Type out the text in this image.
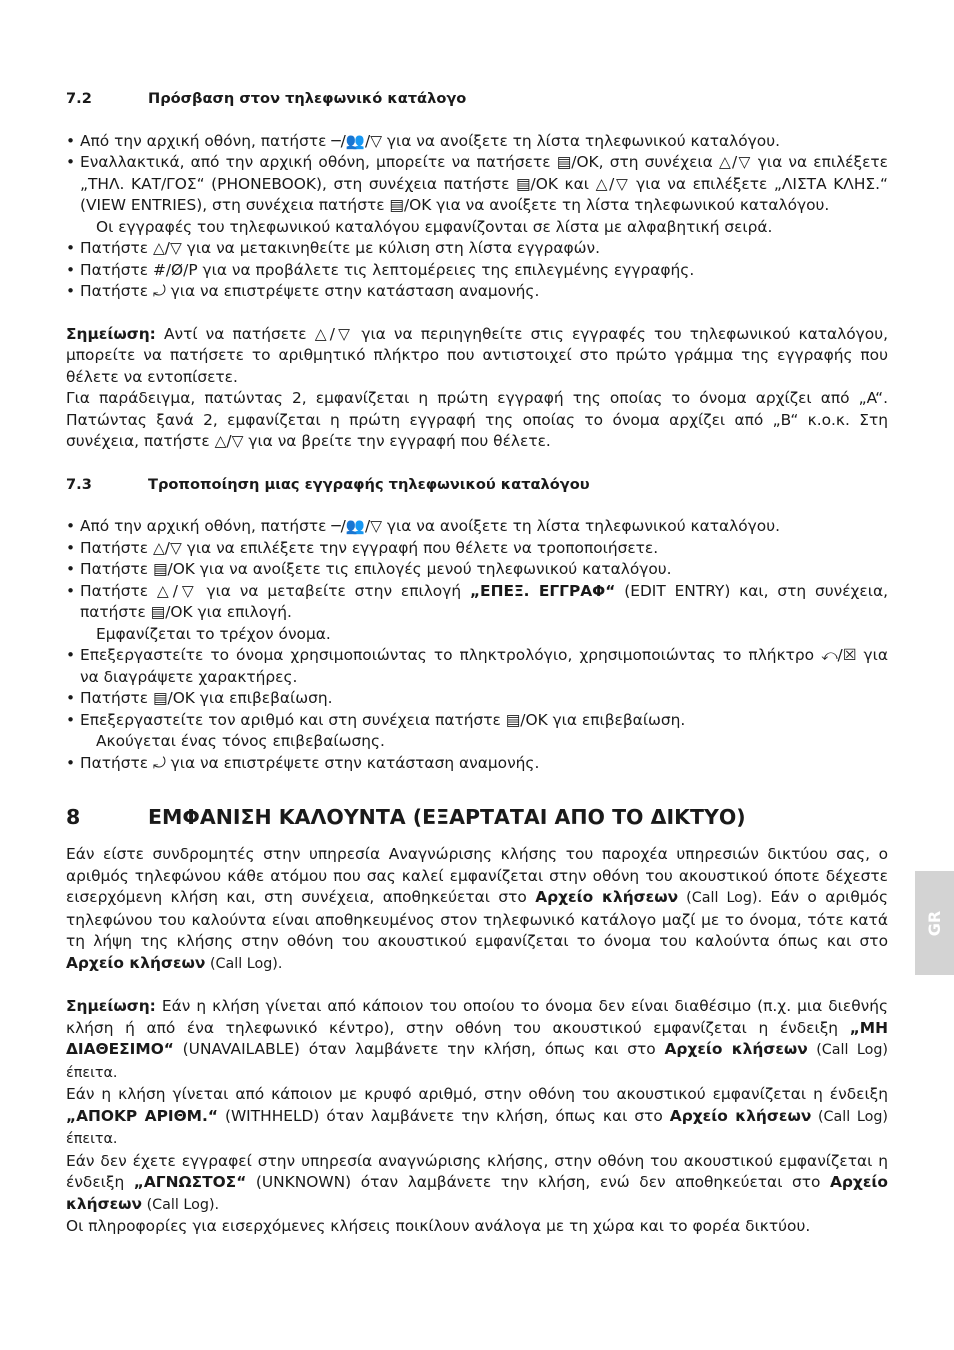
7.2	Πρόσβαση στον τηλεφωνικό κατάλογο
• Από την αρχική οθόνη, πατήστε ─/👥/▽ για να ανοίξετε τη λίστα τηλεφωνικού καταλόγου.
• Εναλλακτικά, από την αρχική οθόνη, μπορείτε να πατήσετε ▤/OK, στη συνέχεια △/▽ για να επιλέξετε „ΤΗΛ. ΚΑΤ/ΓΟΣ“ (PHONEBOOK), στη συνέχεια πατήστε ▤/OK και △/▽ για να επιλέξετε „ΛΙΣΤΑ ΚΛΗΣ.“ (VIEW ENTRIES), στη συνέχεια πατήστε ▤/OK για να ανοίξετε τη λίστα τηλεφωνικού καταλόγου.

Οι εγγραφές του τηλεφωνικού καταλόγου εμφανίζονται σε λίστα με αλφαβητική σειρά.

• Πατήστε △/▽ για να μετακινηθείτε με κύλιση στη λίστα εγγραφών.
• Πατήστε #/Ø/P για να προβάλετε τις λεπτομέρειες της επιλεγμένης εγγραφής.
• Πατήστε ⤾ για να επιστρέψετε στην κατάσταση αναμονής.

Σημείωση: Αντί να πατήσετε △/▽ για να περιηγηθείτε στις εγγραφές του τηλεφωνικού καταλόγου, μπορείτε να πατήσετε το αριθμητικό πλήκτρο που αντιστοιχεί στο πρώτο γράμμα της εγγραφής που θέλετε να εντοπίσετε.

Για παράδειγμα, πατώντας 2, εμφανίζεται η πρώτη εγγραφή της οποίας το όνομα αρχίζει από „A“. Πατώντας ξανά 2, εμφανίζεται η πρώτη εγγραφή της οποίας το όνομα αρχίζει από „B“ κ.ο.κ. Στη συνέχεια, πατήστε △/▽ για να βρείτε την εγγραφή που θέλετε.

7.3	Τροποποίηση μιας εγγραφής τηλεφωνικού καταλόγου
• Από την αρχική οθόνη, πατήστε ─/👥/▽ για να ανοίξετε τη λίστα τηλεφωνικού καταλόγου.
• Πατήστε △/▽ για να επιλέξετε την εγγραφή που θέλετε να τροποποιήσετε.
• Πατήστε ▤/OK για να ανοίξετε τις επιλογές μενού τηλεφωνικού καταλόγου.
• Πατήστε △/▽ για να μεταβείτε στην επιλογή „ΕΠΕΞ. ΕΓΓΡΑΦ“ (EDIT ENTRY) και, στη συνέχεια, πατήστε ▤/OK για επιλογή.

Εμφανίζεται το τρέχον όνομα.

• Επεξεργαστείτε το όνομα χρησιμοποιώντας το πληκτρολόγιο, χρησιμοποιώντας το πλήκτρο ⤺/☒ για να διαγράψετε χαρακτήρες.
• Πατήστε ▤/OK για επιβεβαίωση.
• Επεξεργαστείτε τον αριθμό και στη συνέχεια πατήστε ▤/OK για επιβεβαίωση.

Ακούγεται ένας τόνος επιβεβαίωσης.

• Πατήστε ⤾ για να επιστρέψετε στην κατάσταση αναμονής.
8	ΕΜΦΑΝΙΣΗ ΚΑΛΟΥΝΤΑ (ΕΞΑΡΤΑΤΑΙ ΑΠΟ ΤΟ ΔΙΚΤΥΟ)

Εάν είστε συνδρομητές στην υπηρεσία Αναγνώρισης κλήσης του παροχέα υπηρεσιών δικτύου σας, ο αριθμός τηλεφώνου κάθε ατόμου που σας καλεί εμφανίζεται στην οθόνη του ακουστικού όποτε δέχεστε εισερχόμενη κλήση και, στη συνέχεια, αποθηκεύεται στο Αρχείο κλήσεων (Call Log). Εάν ο αριθμός τηλεφώνου του καλούντα είναι αποθηκευμένος στον τηλεφωνικό κατάλογο μαζί με το όνομα, τότε κατά τη λήψη της κλήσης στην οθόνη του ακουστικού εμφανίζεται το όνομα του καλούντα όπως και στο Αρχείο κλήσεων (Call Log).

Σημείωση: Εάν η κλήση γίνεται από κάποιον του οποίου το όνομα δεν είναι διαθέσιμο (π.χ. μια διεθνής κλήση ή από ένα τηλεφωνικό κέντρο), στην οθόνη του ακουστικού εμφανίζεται η ένδειξη „ΜΗ ΔΙΑΘΕΣΙΜΟ“ (UNAVAILABLE) όταν λαμβάνετε την κλήση, όπως και στο Αρχείο κλήσεων (Call Log) έπειτα.

Εάν η κλήση γίνεται από κάποιον με κρυφό αριθμό, στην οθόνη του ακουστικού εμφανίζεται η ένδειξη „ΑΠΟΚΡ ΑΡΙΘΜ.“ (WITHHELD) όταν λαμβάνετε την κλήση, όπως και στο Αρχείο κλήσεων (Call Log) έπειτα.

Εάν δεν έχετε εγγραφεί στην υπηρεσία αναγνώρισης κλήσης, στην οθόνη του ακουστικού εμφανίζεται η ένδειξη „ΑΓΝΩΣΤΟΣ“ (UNKNOWN) όταν λαμβάνετε την κλήση, ενώ δεν αποθηκεύεται στο Αρχείο κλήσεων (Call Log).

Οι πληροφορίες για εισερχόμενες κλήσεις ποικίλουν ανάλογα με τη χώρα και το φορέα δικτύου.

GR
